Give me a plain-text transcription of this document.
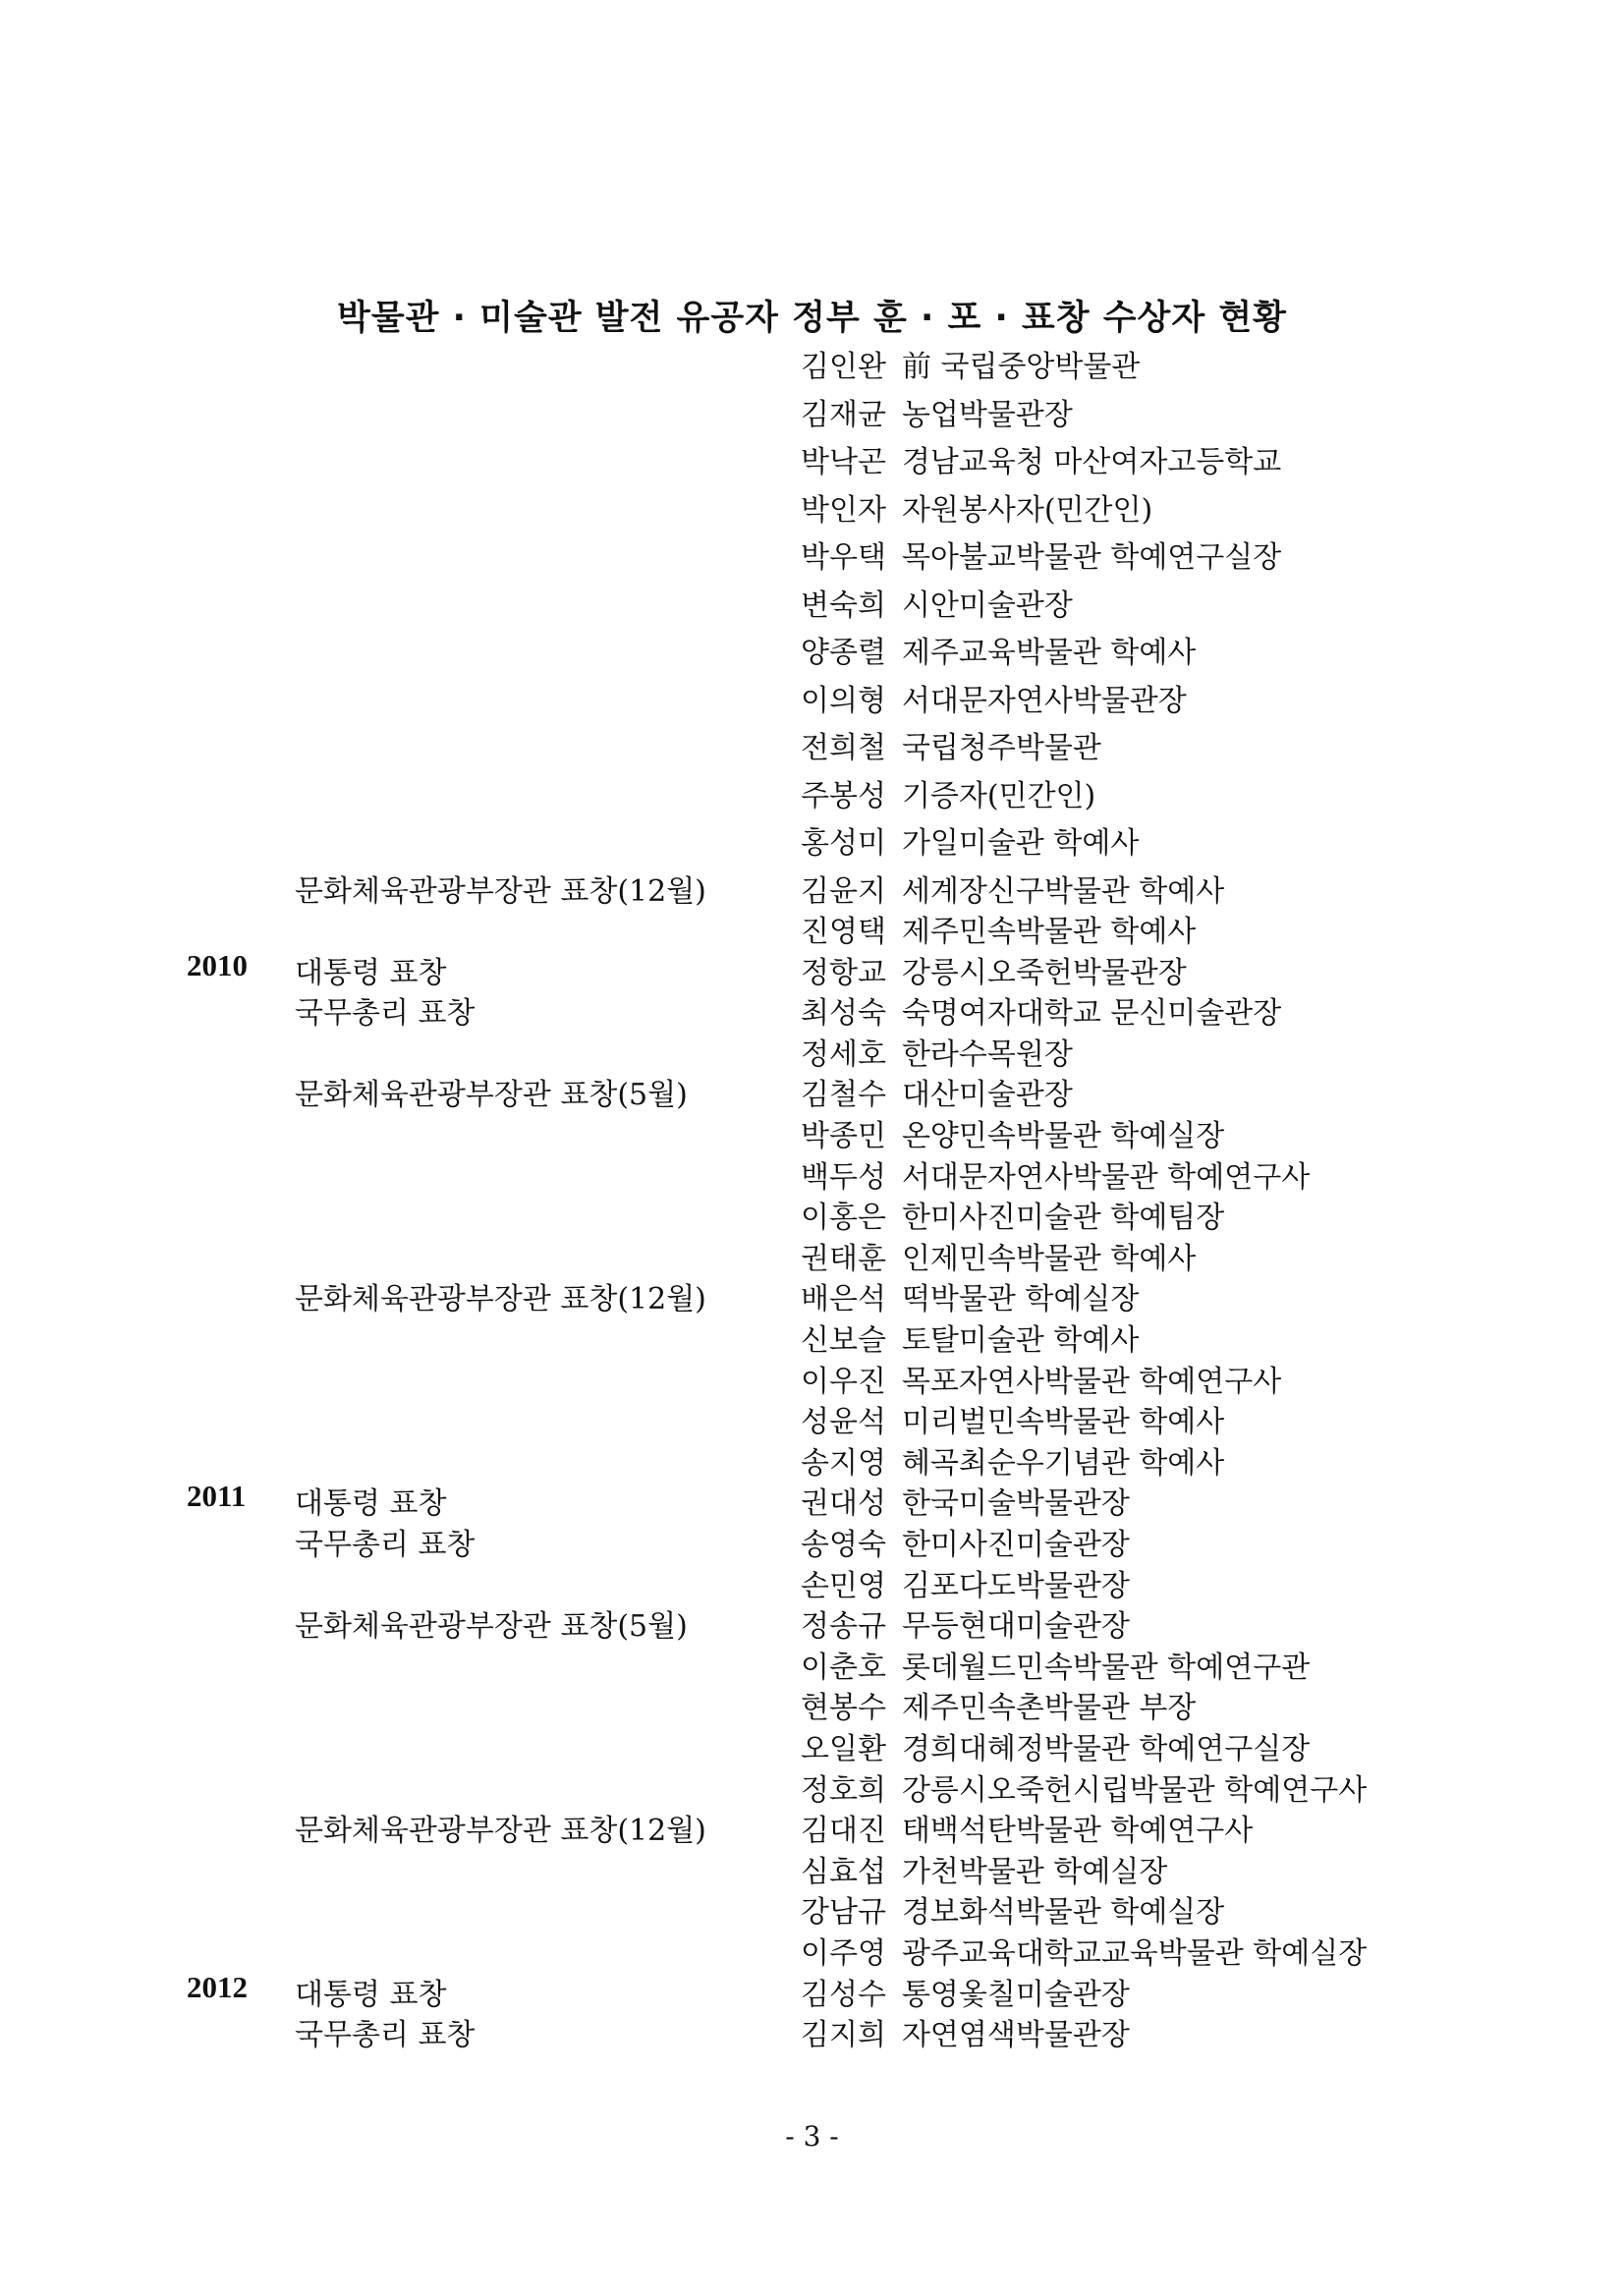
박물관 · 미술관 발전 유공자 정부 훈 · 포 · 표창 수상자 현황
김인완 前 국립중앙박물관
김재균 농업박물관장
박낙곤 경남교육청 마산여자고등학교
박인자 자원봉사자(민간인)
박우택 목아불교박물관 학예연구실장
변숙희 시안미술관장
양종렬 제주교육박물관 학예사
이의형 서대문자연사박물관장
전희철 국립청주박물관
주봉성 기증자(민간인)
홍성미 가일미술관 학예사
문화체육관광부장관 표창(12월)	김윤지 세계장신구박물관 학예사
진영택 제주민속박물관 학예사
2010 대통령 표창	정항교 강릉시오죽헌박물관장
국무총리 표창	최성숙 숙명여자대학교 문신미술관장
정세호 한라수목원장
문화체육관광부장관 표창(5월)	김철수 대산미술관장
박종민 온양민속박물관 학예실장
백두성 서대문자연사박물관 학예연구사
이홍은 한미사진미술관 학예팀장
권태훈 인제민속박물관 학예사
문화체육관광부장관 표창(12월)	배은석 떡박물관 학예실장
신보슬 토탈미술관 학예사
이우진 목포자연사박물관 학예연구사
성윤석 미리벌민속박물관 학예사
송지영 혜곡최순우기념관 학예사
2011 대통령 표창	권대성 한국미술박물관장
국무총리 표창	송영숙 한미사진미술관장
손민영 김포다도박물관장
문화체육관광부장관 표창(5월)	정송규 무등현대미술관장
이춘호 롯데월드민속박물관 학예연구관
현봉수 제주민속촌박물관 부장
오일환 경희대혜정박물관 학예연구실장
정호희 강릉시오죽헌시립박물관 학예연구사
문화체육관광부장관 표창(12월)	김대진 태백석탄박물관 학예연구사
심효섭 가천박물관 학예실장
강남규 경보화석박물관 학예실장
이주영 광주교육대학교교육박물관 학예실장
2012 대통령 표창	김성수 통영옻칠미술관장
국무총리 표창	김지희 자연염색박물관장
- 3 -
